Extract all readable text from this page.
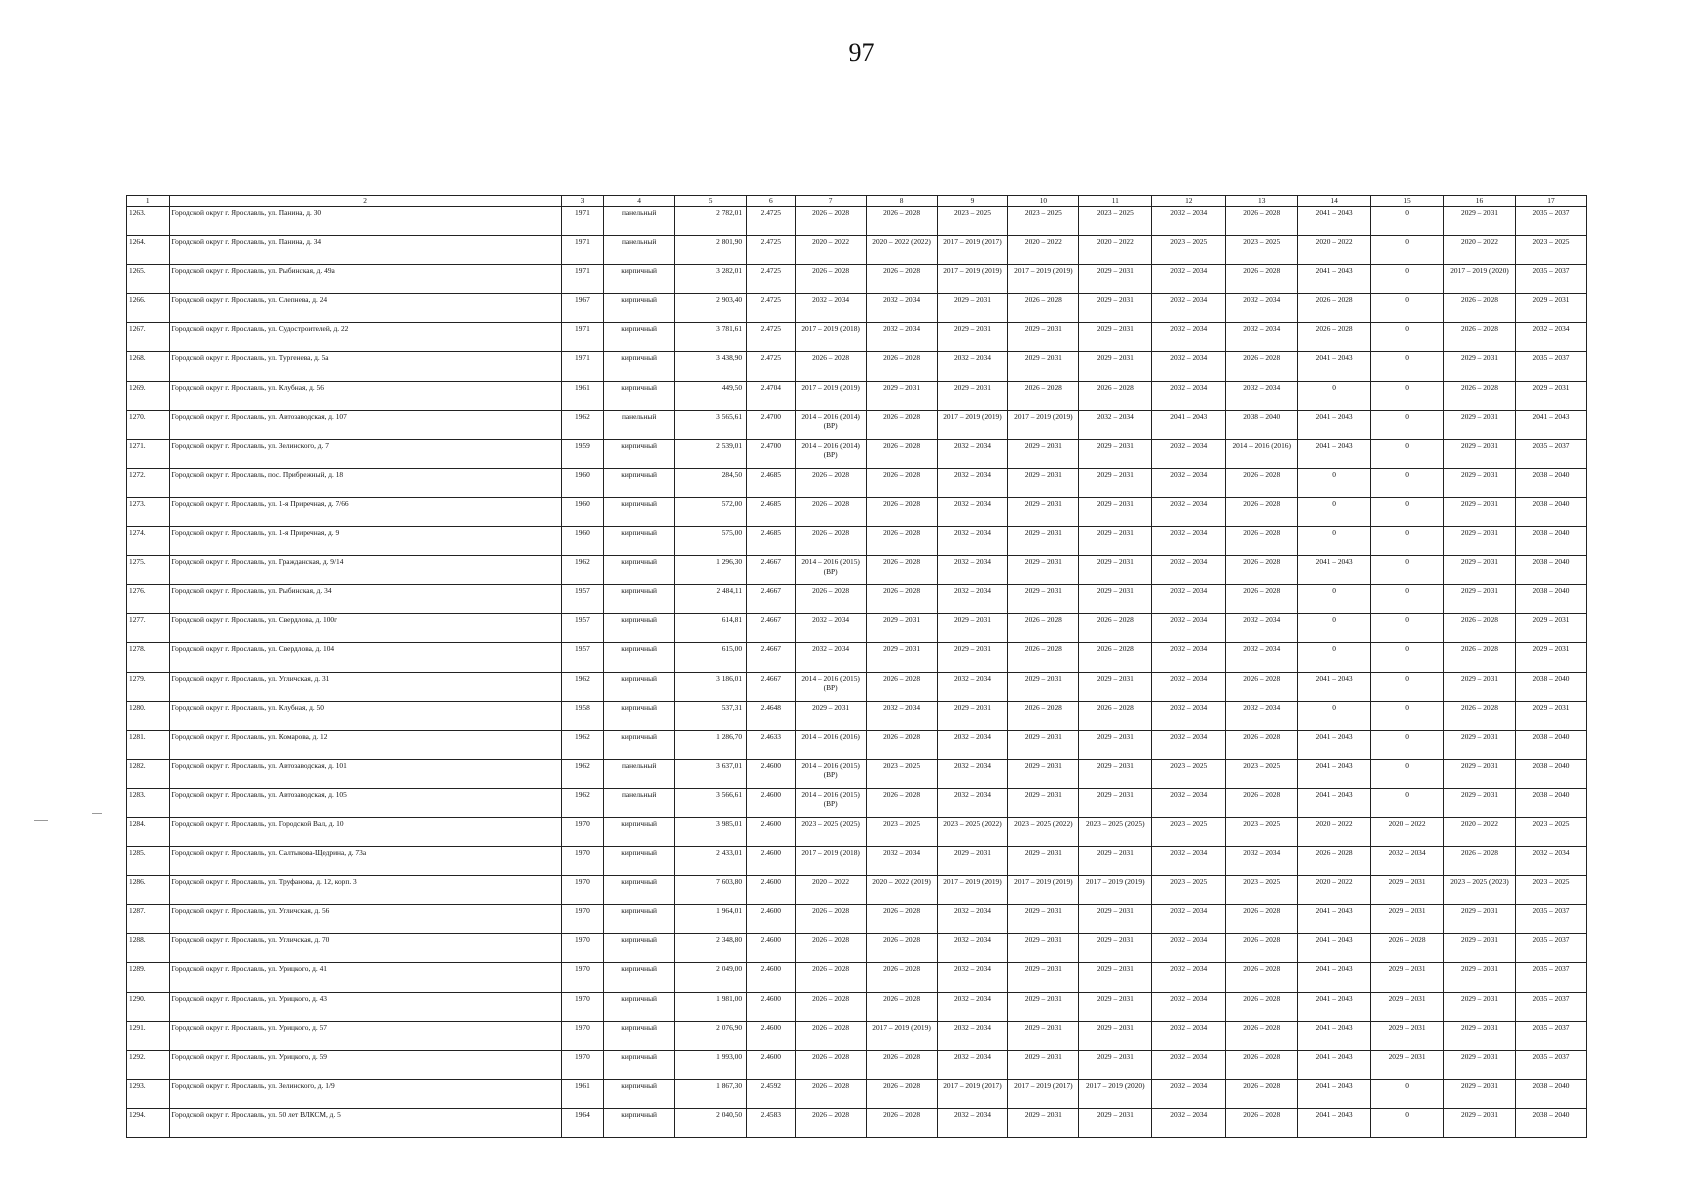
97
1	2	3	4	5	6	7	8	9	10	11	12	13	14	15	16	17
1263.	Городской округ г. Ярославль, ул. Панина, д. 30	1971	панельный	2 782,01	2.4725	2026 – 2028	2026 – 2028	2023 – 2025	2023 – 2025	2023 – 2025	2032 – 2034	2026 – 2028	2041 – 2043	0	2029 – 2031	2035 – 2037
1264.	Городской округ г. Ярославль, ул. Панина, д. 34	1971	панельный	2 801,90	2.4725	2020 – 2022	2020 – 2022 (2022)	2017 – 2019 (2017)	2020 – 2022	2020 – 2022	2023 – 2025	2023 – 2025	2020 – 2022	0	2020 – 2022	2023 – 2025
1265.	Городской округ г. Ярославль, ул. Рыбинская, д. 49а	1971	кирпичный	3 282,01	2.4725	2026 – 2028	2026 – 2028	2017 – 2019 (2019)	2017 – 2019 (2019)	2029 – 2031	2032 – 2034	2026 – 2028	2041 – 2043	0	2017 – 2019 (2020)	2035 – 2037
1266.	Городской округ г. Ярославль, ул. Слепнева, д. 24	1967	кирпичный	2 903,40	2.4725	2032 – 2034	2032 – 2034	2029 – 2031	2026 – 2028	2029 – 2031	2032 – 2034	2032 – 2034	2026 – 2028	0	2026 – 2028	2029 – 2031
1267.	Городской округ г. Ярославль, ул. Судостроителей, д. 22	1971	кирпичный	3 781,61	2.4725	2017 – 2019 (2018)	2032 – 2034	2029 – 2031	2029 – 2031	2029 – 2031	2032 – 2034	2032 – 2034	2026 – 2028	0	2026 – 2028	2032 – 2034
1268.	Городской округ г. Ярославль, ул. Тургенева, д. 5а	1971	кирпичный	3 438,90	2.4725	2026 – 2028	2026 – 2028	2032 – 2034	2029 – 2031	2029 – 2031	2032 – 2034	2026 – 2028	2041 – 2043	0	2029 – 2031	2035 – 2037
1269.	Городской округ г. Ярославль, ул. Клубная, д. 56	1961	кирпичный	449,50	2.4704	2017 – 2019 (2019)	2029 – 2031	2029 – 2031	2026 – 2028	2026 – 2028	2032 – 2034	2032 – 2034	0	0	2026 – 2028	2029 – 2031
1270.	Городской округ г. Ярославль, ул. Автозаводская, д. 107	1962	панельный	3 565,61	2.4700	2014 – 2016 (2014) (ВР)	2026 – 2028	2017 – 2019 (2019)	2017 – 2019 (2019)	2032 – 2034	2041 – 2043	2038 – 2040	2041 – 2043	0	2029 – 2031	2041 – 2043
1271.	Городской округ г. Ярославль, ул. Зелинского, д. 7	1959	кирпичный	2 539,01	2.4700	2014 – 2016 (2014) (ВР)	2026 – 2028	2032 – 2034	2029 – 2031	2029 – 2031	2032 – 2034	2014 – 2016 (2016)	2041 – 2043	0	2029 – 2031	2035 – 2037
1272.	Городской округ г. Ярославль, пос. Прибрежный, д. 18	1960	кирпичный	284,50	2.4685	2026 – 2028	2026 – 2028	2032 – 2034	2029 – 2031	2029 – 2031	2032 – 2034	2026 – 2028	0	0	2029 – 2031	2038 – 2040
1273.	Городской округ г. Ярославль, ул. 1-я Приречная, д. 7/66	1960	кирпичный	572,00	2.4685	2026 – 2028	2026 – 2028	2032 – 2034	2029 – 2031	2029 – 2031	2032 – 2034	2026 – 2028	0	0	2029 – 2031	2038 – 2040
1274.	Городской округ г. Ярославль, ул. 1-я Приречная, д. 9	1960	кирпичный	575,00	2.4685	2026 – 2028	2026 – 2028	2032 – 2034	2029 – 2031	2029 – 2031	2032 – 2034	2026 – 2028	0	0	2029 – 2031	2038 – 2040
1275.	Городской округ г. Ярославль, ул. Гражданская, д. 9/14	1962	кирпичный	1 296,30	2.4667	2014 – 2016 (2015) (ВР)	2026 – 2028	2032 – 2034	2029 – 2031	2029 – 2031	2032 – 2034	2026 – 2028	2041 – 2043	0	2029 – 2031	2038 – 2040
1276.	Городской округ г. Ярославль, ул. Рыбинская, д. 34	1957	кирпичный	2 484,11	2.4667	2026 – 2028	2026 – 2028	2032 – 2034	2029 – 2031	2029 – 2031	2032 – 2034	2026 – 2028	0	0	2029 – 2031	2038 – 2040
1277.	Городской округ г. Ярославль, ул. Свердлова, д. 100г	1957	кирпичный	614,81	2.4667	2032 – 2034	2029 – 2031	2029 – 2031	2026 – 2028	2026 – 2028	2032 – 2034	2032 – 2034	0	0	2026 – 2028	2029 – 2031
1278.	Городской округ г. Ярославль, ул. Свердлова, д. 104	1957	кирпичный	615,00	2.4667	2032 – 2034	2029 – 2031	2029 – 2031	2026 – 2028	2026 – 2028	2032 – 2034	2032 – 2034	0	0	2026 – 2028	2029 – 2031
1279.	Городской округ г. Ярославль, ул. Угличская, д. 31	1962	кирпичный	3 186,01	2.4667	2014 – 2016 (2015) (ВР)	2026 – 2028	2032 – 2034	2029 – 2031	2029 – 2031	2032 – 2034	2026 – 2028	2041 – 2043	0	2029 – 2031	2038 – 2040
1280.	Городской округ г. Ярославль, ул. Клубная, д. 50	1958	кирпичный	537,31	2.4648	2029 – 2031	2032 – 2034	2029 – 2031	2026 – 2028	2026 – 2028	2032 – 2034	2032 – 2034	0	0	2026 – 2028	2029 – 2031
1281.	Городской округ г. Ярославль, ул. Комарова, д. 12	1962	кирпичный	1 286,70	2.4633	2014 – 2016 (2016)	2026 – 2028	2032 – 2034	2029 – 2031	2029 – 2031	2032 – 2034	2026 – 2028	2041 – 2043	0	2029 – 2031	2038 – 2040
1282.	Городской округ г. Ярославль, ул. Автозаводская, д. 101	1962	панельный	3 637,01	2.4600	2014 – 2016 (2015) (ВР)	2023 – 2025	2032 – 2034	2029 – 2031	2029 – 2031	2023 – 2025	2023 – 2025	2041 – 2043	0	2029 – 2031	2038 – 2040
1283.	Городской округ г. Ярославль, ул. Автозаводская, д. 105	1962	панельный	3 566,61	2.4600	2014 – 2016 (2015) (ВР)	2026 – 2028	2032 – 2034	2029 – 2031	2029 – 2031	2032 – 2034	2026 – 2028	2041 – 2043	0	2029 – 2031	2038 – 2040
1284.	Городской округ г. Ярославль, ул. Городской Вал, д. 10	1970	кирпичный	3 985,01	2.4600	2023 – 2025 (2025)	2023 – 2025	2023 – 2025 (2022)	2023 – 2025 (2022)	2023 – 2025 (2025)	2023 – 2025	2023 – 2025	2020 – 2022	2020 – 2022	2020 – 2022	2023 – 2025
1285.	Городской округ г. Ярославль, ул. Салтыкова-Щедрина, д. 73а	1970	кирпичный	2 433,01	2.4600	2017 – 2019 (2018)	2032 – 2034	2029 – 2031	2029 – 2031	2029 – 2031	2032 – 2034	2032 – 2034	2026 – 2028	2032 – 2034	2026 – 2028	2032 – 2034
1286.	Городской округ г. Ярославль, ул. Труфанова, д. 12, корп. 3	1970	кирпичный	7 603,80	2.4600	2020 – 2022	2020 – 2022 (2019)	2017 – 2019 (2019)	2017 – 2019 (2019)	2017 – 2019 (2019)	2023 – 2025	2023 – 2025	2020 – 2022	2029 – 2031	2023 – 2025 (2023)	2023 – 2025
1287.	Городской округ г. Ярославль, ул. Угличская, д. 56	1970	кирпичный	1 964,01	2.4600	2026 – 2028	2026 – 2028	2032 – 2034	2029 – 2031	2029 – 2031	2032 – 2034	2026 – 2028	2041 – 2043	2029 – 2031	2029 – 2031	2035 – 2037
1288.	Городской округ г. Ярославль, ул. Угличская, д. 70	1970	кирпичный	2 348,80	2.4600	2026 – 2028	2026 – 2028	2032 – 2034	2029 – 2031	2029 – 2031	2032 – 2034	2026 – 2028	2041 – 2043	2026 – 2028	2029 – 2031	2035 – 2037
1289.	Городской округ г. Ярославль, ул. Урицкого, д. 41	1970	кирпичный	2 049,00	2.4600	2026 – 2028	2026 – 2028	2032 – 2034	2029 – 2031	2029 – 2031	2032 – 2034	2026 – 2028	2041 – 2043	2029 – 2031	2029 – 2031	2035 – 2037
1290.	Городской округ г. Ярославль, ул. Урицкого, д. 43	1970	кирпичный	1 981,00	2.4600	2026 – 2028	2026 – 2028	2032 – 2034	2029 – 2031	2029 – 2031	2032 – 2034	2026 – 2028	2041 – 2043	2029 – 2031	2029 – 2031	2035 – 2037
1291.	Городской округ г. Ярославль, ул. Урицкого, д. 57	1970	кирпичный	2 076,90	2.4600	2026 – 2028	2017 – 2019 (2019)	2032 – 2034	2029 – 2031	2029 – 2031	2032 – 2034	2026 – 2028	2041 – 2043	2029 – 2031	2029 – 2031	2035 – 2037
1292.	Городской округ г. Ярославль, ул. Урицкого, д. 59	1970	кирпичный	1 993,00	2.4600	2026 – 2028	2026 – 2028	2032 – 2034	2029 – 2031	2029 – 2031	2032 – 2034	2026 – 2028	2041 – 2043	2029 – 2031	2029 – 2031	2035 – 2037
1293.	Городской округ г. Ярославль, ул. Зелинского, д. 1/9	1961	кирпичный	1 867,30	2.4592	2026 – 2028	2026 – 2028	2017 – 2019 (2017)	2017 – 2019 (2017)	2017 – 2019 (2020)	2032 – 2034	2026 – 2028	2041 – 2043	0	2029 – 2031	2038 – 2040
1294.	Городской округ г. Ярославль, ул. 50 лет ВЛКСМ, д. 5	1964	кирпичный	2 040,50	2.4583	2026 – 2028	2026 – 2028	2032 – 2034	2029 – 2031	2029 – 2031	2032 – 2034	2026 – 2028	2041 – 2043	0	2029 – 2031	2038 – 2040
